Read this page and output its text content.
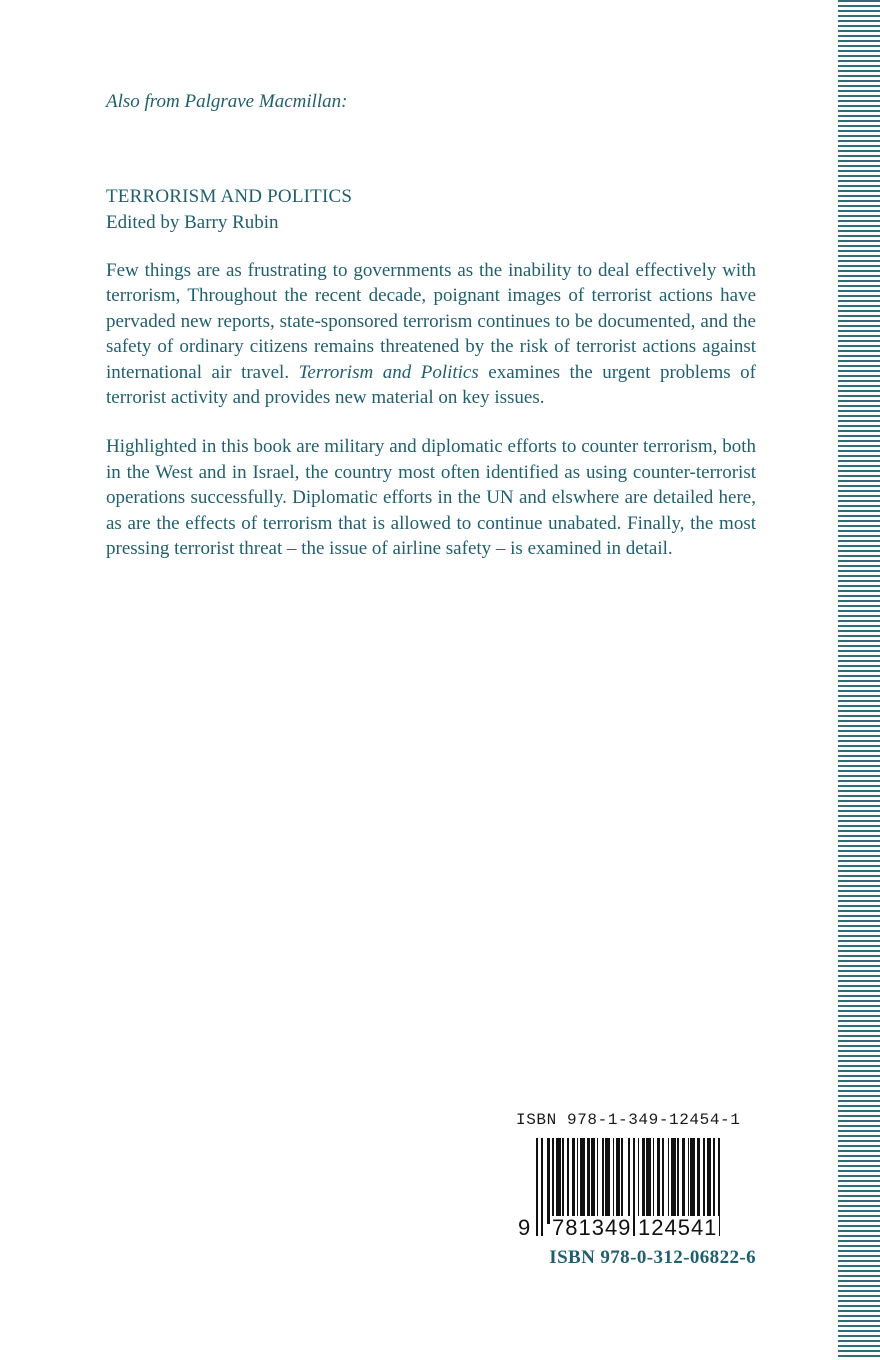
Also from Palgrave Macmillan:

TERRORISM AND POLITICS
Edited by Barry Rubin

Few things are as frustrating to governments as the inability to deal effectively with terrorism, Throughout the recent decade, poignant images of terrorist actions have pervaded new reports, state-sponsored terrorism continues to be documented, and the safety of ordinary citizens remains threatened by the risk of terrorist actions against international air travel. Terrorism and Politics examines the urgent problems of terrorist activity and provides new material on key issues.

Highlighted in this book are military and diplomatic efforts to counter terrorism, both in the West and in Israel, the country most often identified as using counter-terrorist operations successfully. Diplomatic efforts in the UN and elswhere are detailed here, as are the effects of terrorism that is allowed to continue unabated. Finally, the most pressing terrorist threat – the issue of airline safety – is examined in detail.

ISBN 978-1-349-12454-1
9 781349 124541
ISBN 978-0-312-06822-6
